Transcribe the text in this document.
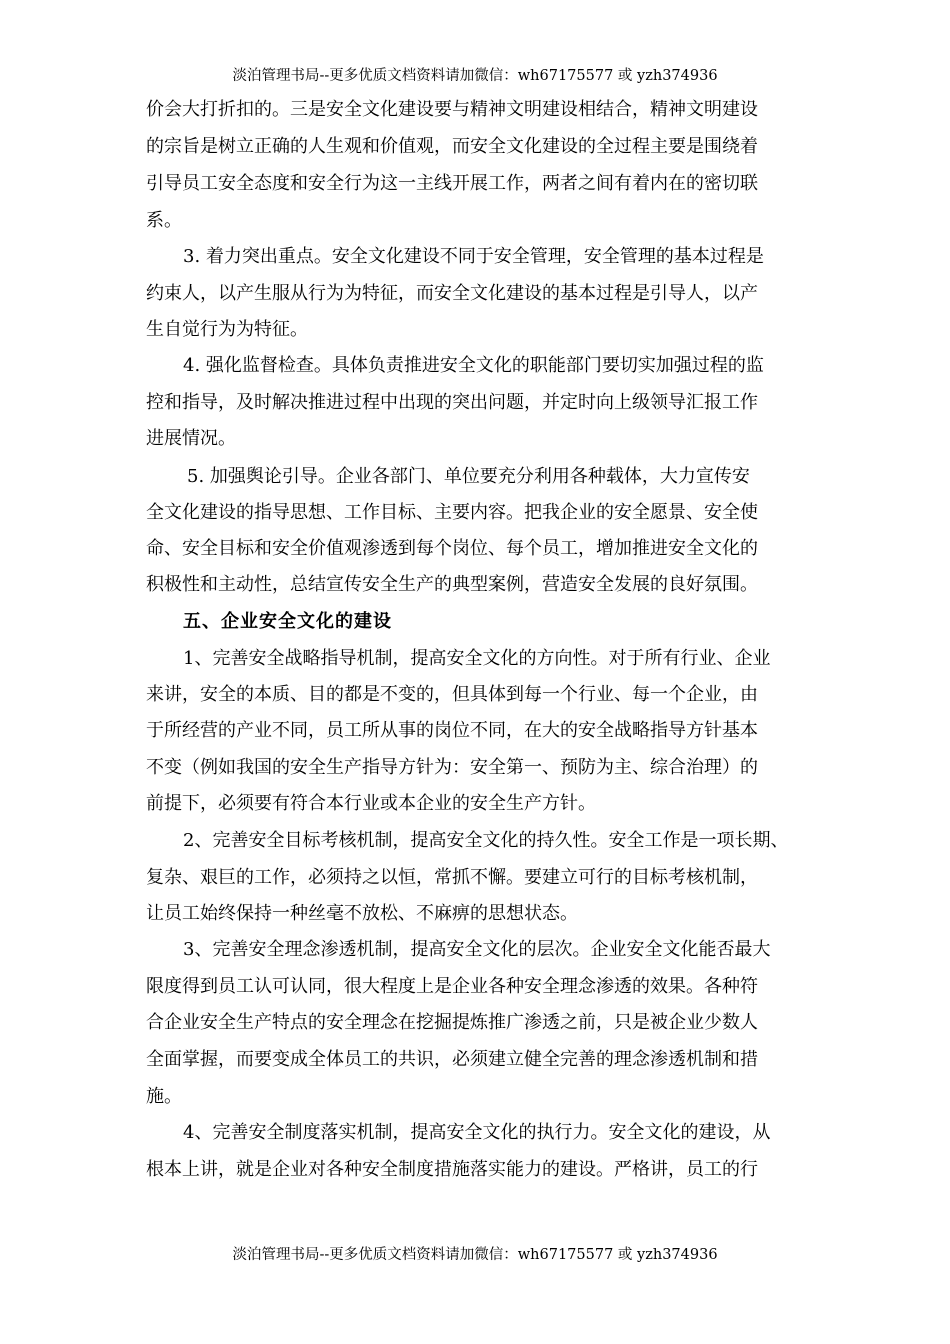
淡泊管理书局--更多优质文档资料请加微信：wh67175577 或 yzh374936
价会大打折扣的。三是安全文化建设要与精神文明建设相结合，精神文明建设
的宗旨是树立正确的人生观和价值观，而安全文化建设的全过程主要是围绕着
引导员工安全态度和安全行为这一主线开展工作，两者之间有着内在的密切联
系。
3. 着力突出重点。安全文化建设不同于安全管理，安全管理的基本过程是
约束人，以产生服从行为为特征，而安全文化建设的基本过程是引导人，以产
生自觉行为为特征。
4. 强化监督检查。具体负责推进安全文化的职能部门要切实加强过程的监
控和指导，及时解决推进过程中出现的突出问题，并定时向上级领导汇报工作
进展情况。
5. 加强舆论引导。企业各部门、单位要充分利用各种载体，大力宣传安
全文化建设的指导思想、工作目标、主要内容。把我企业的安全愿景、安全使
命、安全目标和安全价值观渗透到每个岗位、每个员工，增加推进安全文化的
积极性和主动性，总结宣传安全生产的典型案例，营造安全发展的良好氛围。
五、企业安全文化的建设
1、完善安全战略指导机制，提高安全文化的方向性。对于所有行业、企业
来讲，安全的本质、目的都是不变的，但具体到每一个行业、每一个企业，由
于所经营的产业不同，员工所从事的岗位不同，在大的安全战略指导方针基本
不变（例如我国的安全生产指导方针为：安全第一、预防为主、综合治理）的
前提下，必须要有符合本行业或本企业的安全生产方针。
2、完善安全目标考核机制，提高安全文化的持久性。安全工作是一项长期、
复杂、艰巨的工作，必须持之以恒，常抓不懈。要建立可行的目标考核机制，
让员工始终保持一种丝毫不放松、不麻痹的思想状态。
3、完善安全理念渗透机制，提高安全文化的层次。企业安全文化能否最大
限度得到员工认可认同，很大程度上是企业各种安全理念渗透的效果。各种符
合企业安全生产特点的安全理念在挖掘提炼推广渗透之前，只是被企业少数人
全面掌握，而要变成全体员工的共识，必须建立健全完善的理念渗透机制和措
施。
4、完善安全制度落实机制，提高安全文化的执行力。安全文化的建设，从
根本上讲，就是企业对各种安全制度措施落实能力的建设。严格讲，员工的行
淡泊管理书局--更多优质文档资料请加微信：wh67175577 或 yzh374936
